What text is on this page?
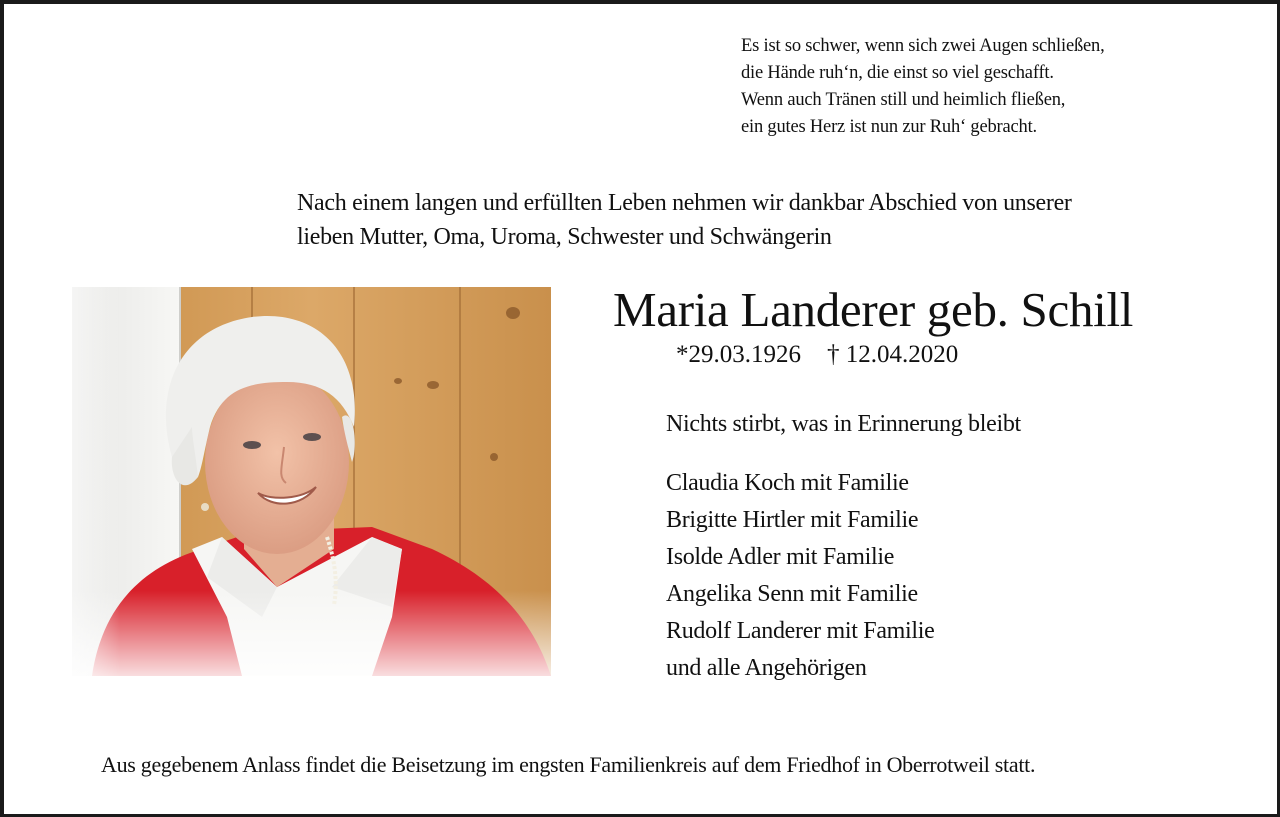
Es ist so schwer, wenn sich zwei Augen schließen,
die Hände ruh‘n, die einst so viel geschafft.
Wenn auch Tränen still und heimlich fließen,
ein gutes Herz ist nun zur Ruh‘ gebracht.
Nach einem langen und erfüllten Leben nehmen wir dankbar Abschied von unserer
lieben Mutter, Oma, Uroma, Schwester und Schwängerin
Maria Landerer geb. Schill
*29.03.1926 † 12.04.2020
Nichts stirbt, was in Erinnerung bleibt
Claudia Koch mit Familie
Brigitte Hirtler mit Familie
Isolde Adler mit Familie
Angelika Senn mit Familie
Rudolf Landerer mit Familie
und alle Angehörigen
Aus gegebenem Anlass findet die Beisetzung im engsten Familienkreis auf dem Friedhof in Oberrotweil statt.
